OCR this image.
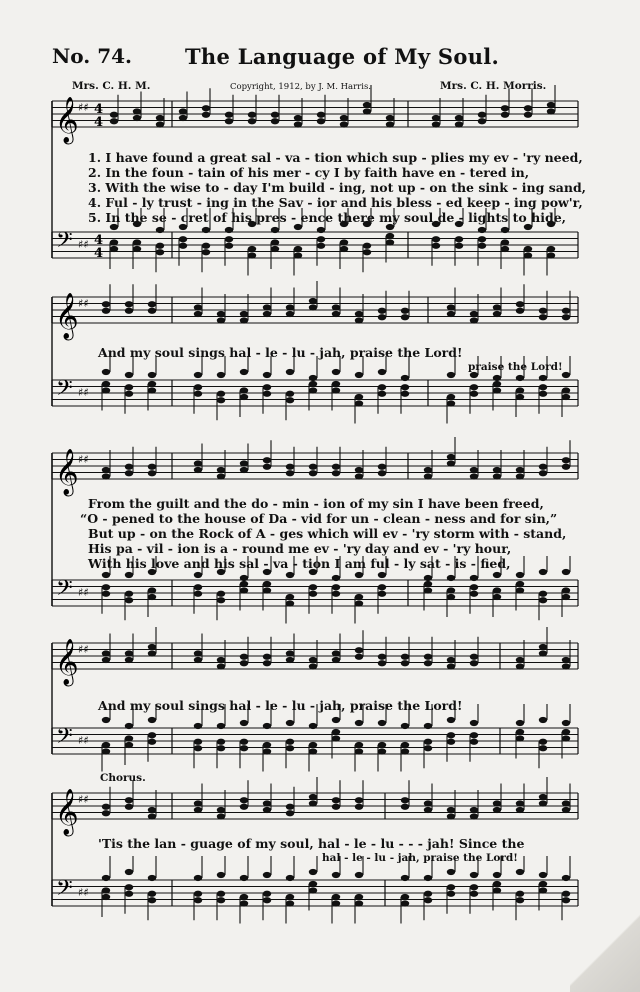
No. 74.	The Language of My Soul.
Mrs. C. H. M.	Copyright, 1912, by J. M. Harris.	Mrs. C. H. Morris.
𝄞 ♯♯ 4
4
𝄢 ♯♯ 4
4
𝄞 ♯♯
𝄢 ♯♯
𝄞 ♯♯
𝄢 ♯♯
𝄞 ♯♯
𝄢 ♯♯
𝄞 ♯♯
𝄢 ♯♯
1. I have found a great sal - va - tion which sup - plies my ev - 'ry need,
2. In the foun - tain of his mer - cy I by faith have en - tered in,
3. With the wise to - day I'm build - ing, not up - on the sink - ing sand,
4. Ful - ly trust - ing in the Sav - ior and his bless - ed keep - ing pow'r,
5. In the se - cret of his pres - ence there my soul de - lights to hide,
And my soul sings hal - le - lu - jah, praise the Lord!
praise the Lord!
From the guilt and the do - min - ion of my sin I have been freed,
“O - pened to the house of Da - vid for un - clean - ness and for sin,”
But up - on the Rock of A - ges which will ev - 'ry storm with - stand,
His pa - vil - ion is a - round me ev - 'ry day and ev - 'ry hour,
With his love and his sal - va - tion I am ful - ly sat - is - fied,
And my soul sings hal - le - lu - jah, praise the Lord!
Chorus.
'Tis the lan - guage of my soul, hal - le - lu - - - jah! Since the
hal - le - lu - jah, praise the Lord!
